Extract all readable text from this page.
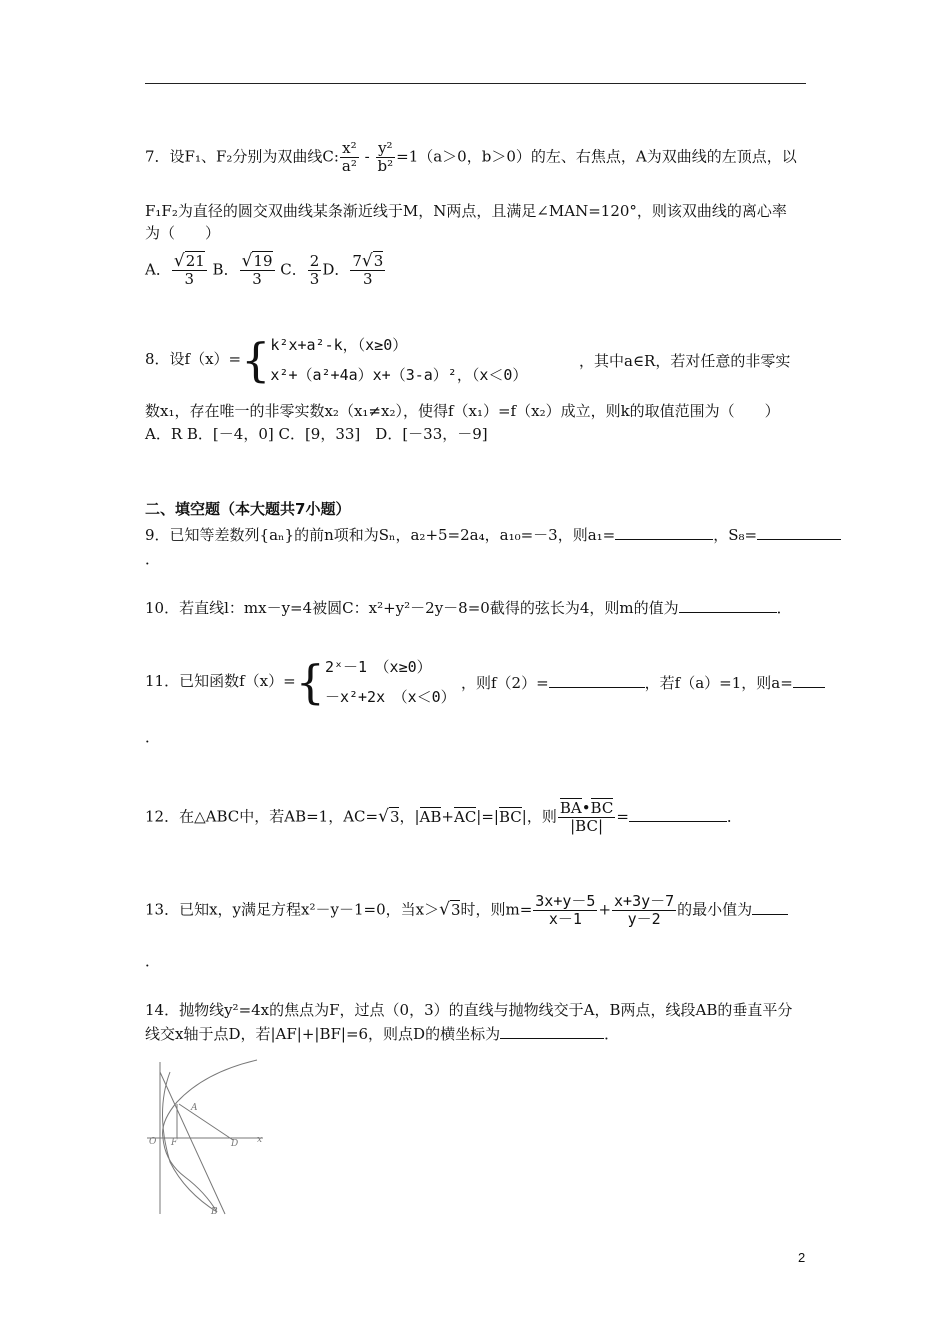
7．设F₁、F₂分别为双曲线C: $\frac{\text{x²}}{\text{a²}} - \frac{\text{y²}}{\text{b²}} =1(a>0$，b＞0）的左、右焦点，A为双曲线的左顶点，以
F₁F₂为直径的圆交双曲线某条渐近线于M，N两点，且满足∠MAN=120°，则该双曲线的离心率
为（　　）
A． $\frac{√21}{3}$ B． $\frac{√19}{3}$ C． $\frac{2}{3}$ D． $\frac{7√3}{3}$
8．设f（x）={ k²x+a²-k，（x≥0）
x²+（a²+4a）x+（3-a）²，（x＜0）
，其中a∈R，若对任意的非零实
数x₁，存在唯一的非零实数x₂（x₁≠x₂），使得f（x₁）=f（x₂）成立，则k的取值范围为（　　）
A．R B．[－4，0] C．[9，33]　D．[－33，－9]
二、填空题（本大题共7小题）
9．已知等差数列{aₙ}的前n项和为Sₙ，a₂+5=2a₄，a₁₀=－3，则a₁=	，S₈=
．
10．若直线l：mx－y=4被圆C：x²+y²－2y－8=0截得的弦长为4，则m的值为	．
11．已知函数f（x）={ 2ˣ－1　（x≥0）
－x²+2x　（x＜0）
，则f（2）=	，若f（a）=1，则a=
．
12．在△ABC中，若AB=1，AC=√3，|AB+AC|=|BC|，则 $\frac{BA•BC}{|BC|}$ =	．
13．已知x，y满足方程x²－y－1=0，当x＞√3时，则$m= \frac{3x+y-5}{x-1} + \frac{x+3y-7}{y-2}$ 的最小值为
．
14．抛物线y²=4x的焦点为F，过点（0，3）的直线与抛物线交于A，B两点，线段AB的垂直平分
线交x轴于点D，若|AF|+|BF|=6，则点D的横坐标为	．
O F	D
A
B
x
2
